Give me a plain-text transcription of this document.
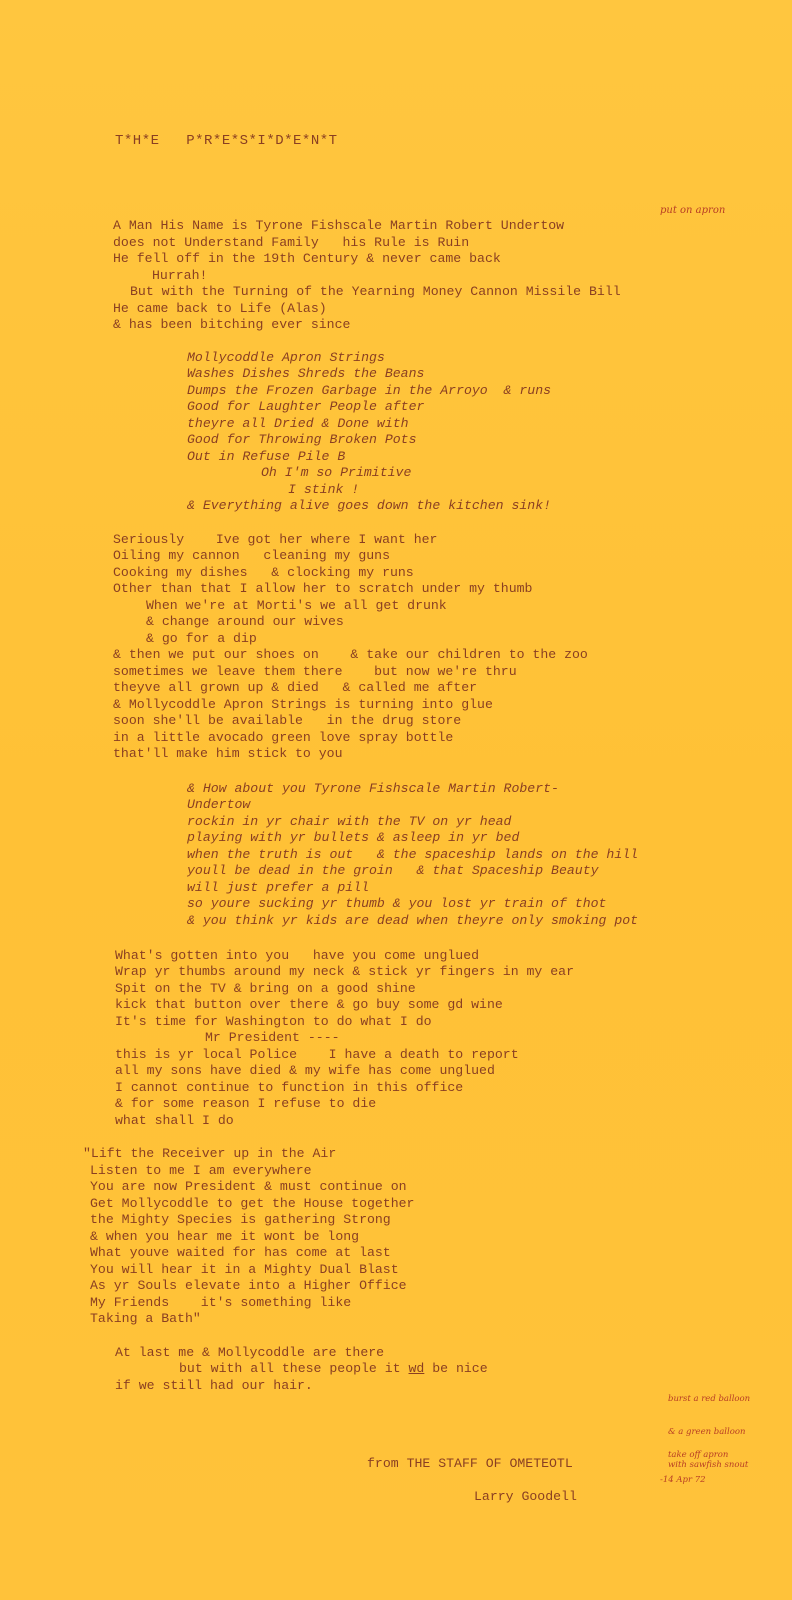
T*H*E   P*R*E*S*I*D*E*N*T
put on apron
A Man His Name is Tyrone Fishscale Martin Robert Undertow
does not Understand Family   his Rule is Ruin
He fell off in the 19th Century & never came back
Hurrah!
But with the Turning of the Yearning Money Cannon Missile Bill
He came back to Life (Alas)
& has been bitching ever since
Mollycoddle Apron Strings
Washes Dishes Shreds the Beans
Dumps the Frozen Garbage in the Arroyo  & runs
Good for Laughter People after
theyre all Dried & Done with
Good for Throwing Broken Pots
Out in Refuse Pile B
Oh I'm so Primitive
I stink !
& Everything alive goes down the kitchen sink!
Seriously    Ive got her where I want her
Oiling my cannon   cleaning my guns
Cooking my dishes   & clocking my runs
Other than that I allow her to scratch under my thumb
When we're at Morti's we all get drunk
& change around our wives
& go for a dip
& then we put our shoes on    & take our children to the zoo
sometimes we leave them there    but now we're thru
theyve all grown up & died   & called me after
& Mollycoddle Apron Strings is turning into glue
soon she'll be available   in the drug store
in a little avocado green love spray bottle
that'll make him stick to you
& How about you Tyrone Fishscale Martin Robert-
Undertow
rockin in yr chair with the TV on yr head
playing with yr bullets & asleep in yr bed
when the truth is out   & the spaceship lands on the hill
youll be dead in the groin   & that Spaceship Beauty
will just prefer a pill
so youre sucking yr thumb & you lost yr train of thot
& you think yr kids are dead when theyre only smoking pot
What's gotten into you   have you come unglued
Wrap yr thumbs around my neck & stick yr fingers in my ear
Spit on the TV & bring on a good shine
kick that button over there & go buy some gd wine
It's time for Washington to do what I do
Mr President ----
this is yr local Police    I have a death to report
all my sons have died & my wife has come unglued
I cannot continue to function in this office
& for some reason I refuse to die
what shall I do
"Lift the Receiver up in the Air
Listen to me I am everywhere
You are now President & must continue on
Get Mollycoddle to get the House together
the Mighty Species is gathering Strong
& when you hear me it wont be long
What youve waited for has come at last
You will hear it in a Mighty Dual Blast
As yr Souls elevate into a Higher Office
My Friends    it's something like
Taking a Bath"
At last me & Mollycoddle are there
but with all these people it wd be nice
if we still had our hair.

burst a red balloon

& a green balloon

with sawfish snout

take off apron
-14 Apr 72
from THE STAFF OF OMETEOTL
Larry Goodell
